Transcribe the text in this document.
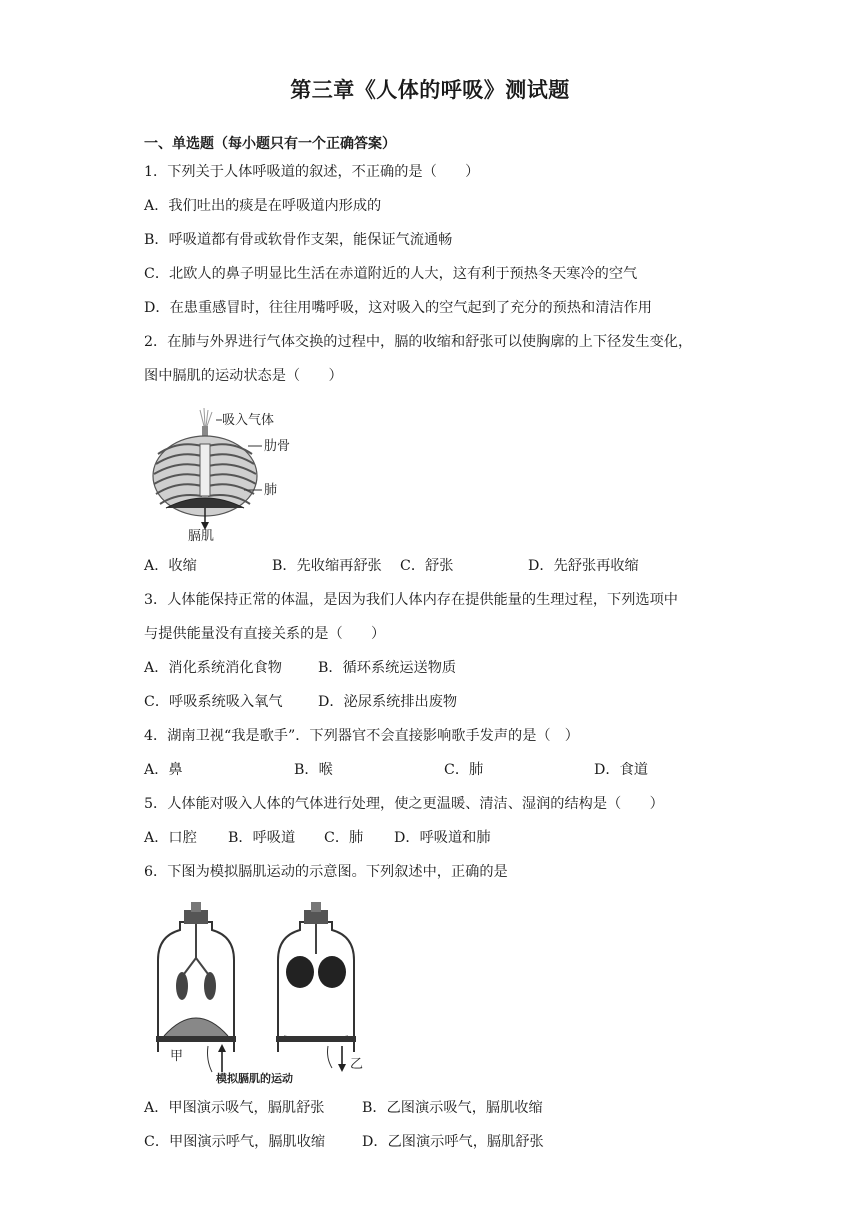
第三章《人体的呼吸》测试题
一、单选题（每小题只有一个正确答案）
1．下列关于人体呼吸道的叙述，不正确的是（　　）
A．我们吐出的痰是在呼吸道内形成的
B．呼吸道都有骨或软骨作支架，能保证气流通畅
C．北欧人的鼻子明显比生活在赤道附近的人大，这有利于预热冬天寒冷的空气
D．在患重感冒时，往往用嘴呼吸，这对吸入的空气起到了充分的预热和清洁作用
2．在肺与外界进行气体交换的过程中，膈的收缩和舒张可以使胸廓的上下径发生变化，
图中膈肌的运动状态是（　　）
吸入气体
肋骨
肺
膈肌
A．收缩	B．先收缩再舒张 C．舒张	D．先舒张再收缩
3．人体能保持正常的体温，是因为我们人体内存在提供能量的生理过程，下列选项中
与提供能量没有直接关系的是（　　）
A．消化系统消化食物	B．循环系统运送物质
C．呼吸系统吸入氧气 D．泌尿系统排出废物
4．湖南卫视“我是歌手”．下列器官不会直接影响歌手发声的是（　）
A．鼻	B．喉	C．肺	D．食道
5．人体能对吸入人体的气体进行处理，使之更温暖、清洁、湿润的结构是（　　）
A．口腔 B．呼吸道 C．肺 D．呼吸道和肺
6．下图为模拟膈肌运动的示意图。下列叙述中，正确的是
甲
乙
模拟膈肌的运动
A．甲图演示吸气，膈肌舒张	B．乙图演示吸气，膈肌收缩
C．甲图演示呼气，膈肌收缩	D．乙图演示呼气，膈肌舒张
